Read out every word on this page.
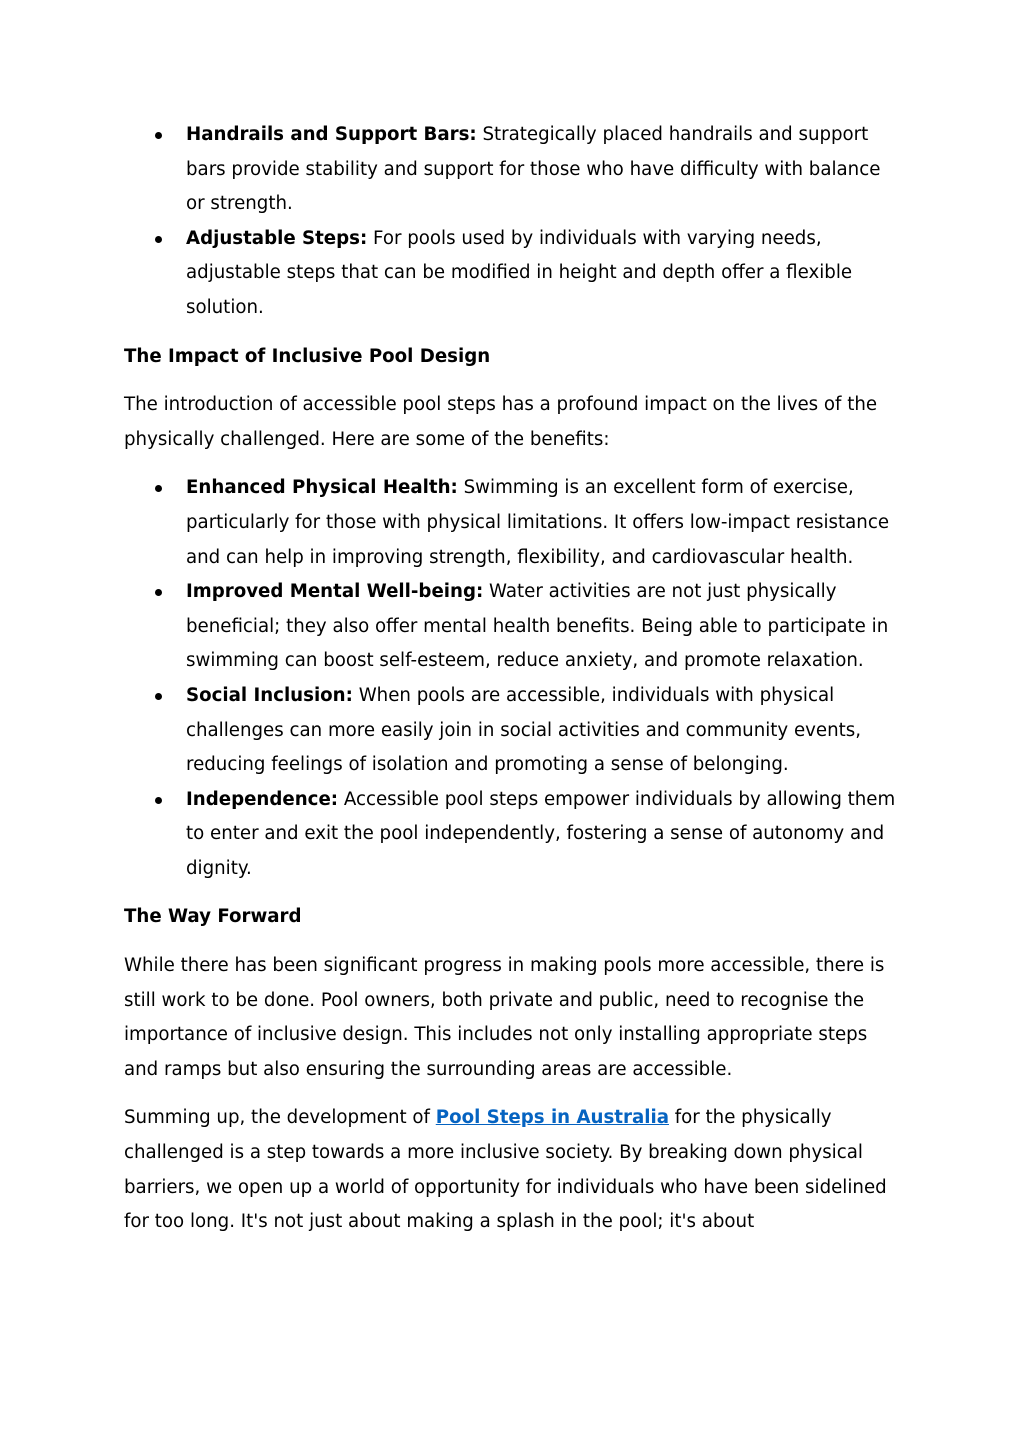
Handrails and Support Bars: Strategically placed handrails and support bars provide stability and support for those who have difficulty with balance or strength.
Adjustable Steps: For pools used by individuals with varying needs, adjustable steps that can be modified in height and depth offer a flexible solution.
The Impact of Inclusive Pool Design

The introduction of accessible pool steps has a profound impact on the lives of the physically challenged. Here are some of the benefits:

Enhanced Physical Health: Swimming is an excellent form of exercise, particularly for those with physical limitations. It offers low-impact resistance and can help in improving strength, flexibility, and cardiovascular health.
Improved Mental Well-being: Water activities are not just physically beneficial; they also offer mental health benefits. Being able to participate in swimming can boost self-esteem, reduce anxiety, and promote relaxation.
Social Inclusion: When pools are accessible, individuals with physical challenges can more easily join in social activities and community events, reducing feelings of isolation and promoting a sense of belonging.
Independence: Accessible pool steps empower individuals by allowing them to enter and exit the pool independently, fostering a sense of autonomy and dignity.
The Way Forward

While there has been significant progress in making pools more accessible, there is still work to be done. Pool owners, both private and public, need to recognise the importance of inclusive design. This includes not only installing appropriate steps and ramps but also ensuring the surrounding areas are accessible.

Summing up, the development of Pool Steps in Australia for the physically challenged is a step towards a more inclusive society. By breaking down physical barriers, we open up a world of opportunity for individuals who have been sidelined for too long. It's not just about making a splash in the pool; it's about
